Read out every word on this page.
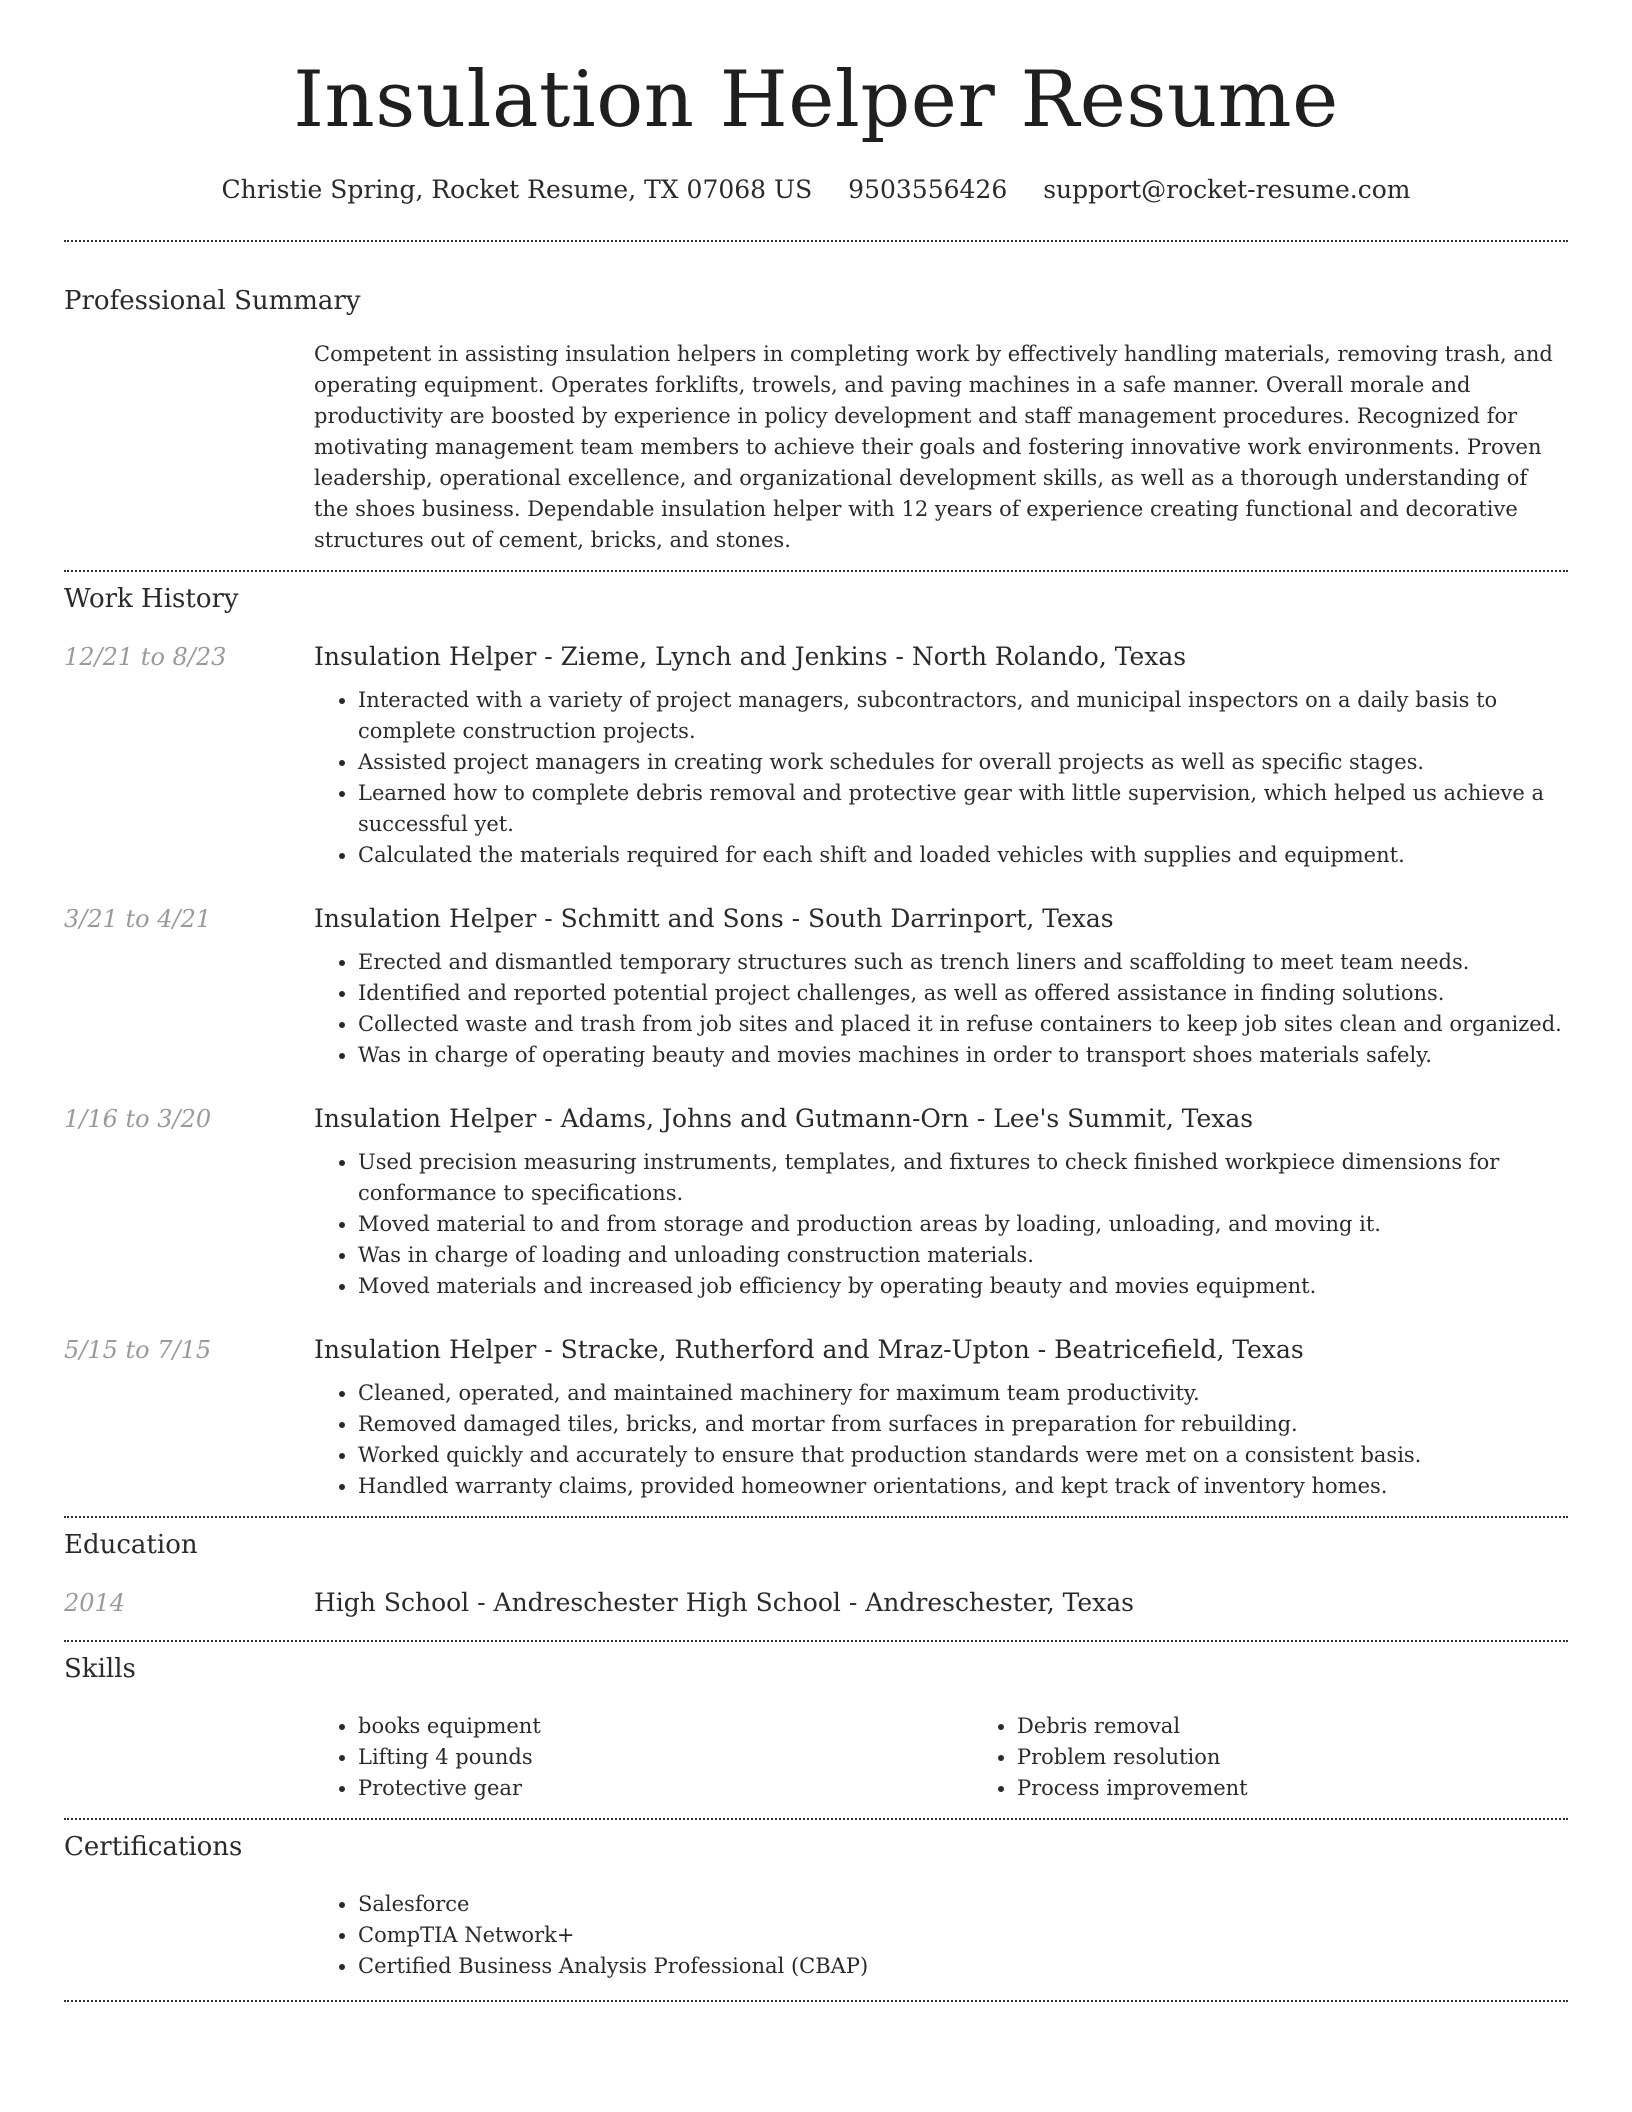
Insulation Helper Resume
Christie Spring, Rocket Resume, TX 07068 US 9503556426 support@rocket-resume.com
Professional Summary
Competent in assisting insulation helpers in completing work by effectively handling materials, removing trash, and operating equipment. Operates forklifts, trowels, and paving machines in a safe manner. Overall morale and productivity are boosted by experience in policy development and staff management procedures. Recognized for motivating management team members to achieve their goals and fostering innovative work environments. Proven leadership, operational excellence, and organizational development skills, as well as a thorough understanding of the shoes business. Dependable insulation helper with 12 years of experience creating functional and decorative structures out of cement, bricks, and stones.
Work History
12/21 to 8/23	Insulation Helper - Zieme, Lynch and Jenkins - North Rolando, Texas
• Interacted with a variety of project managers, subcontractors, and municipal inspectors on a daily basis to complete construction projects.
• Assisted project managers in creating work schedules for overall projects as well as specific stages.
• Learned how to complete debris removal and protective gear with little supervision, which helped us achieve a successful yet.
• Calculated the materials required for each shift and loaded vehicles with supplies and equipment.
3/21 to 4/21	Insulation Helper - Schmitt and Sons - South Darrinport, Texas
• Erected and dismantled temporary structures such as trench liners and scaffolding to meet team needs.
• Identified and reported potential project challenges, as well as offered assistance in finding solutions.
• Collected waste and trash from job sites and placed it in refuse containers to keep job sites clean and organized.
• Was in charge of operating beauty and movies machines in order to transport shoes materials safely.
1/16 to 3/20	Insulation Helper - Adams, Johns and Gutmann-Orn - Lee's Summit, Texas
• Used precision measuring instruments, templates, and fixtures to check finished workpiece dimensions for conformance to specifications.
• Moved material to and from storage and production areas by loading, unloading, and moving it.
• Was in charge of loading and unloading construction materials.
• Moved materials and increased job efficiency by operating beauty and movies equipment.
5/15 to 7/15	Insulation Helper - Stracke, Rutherford and Mraz-Upton - Beatricefield, Texas
• Cleaned, operated, and maintained machinery for maximum team productivity.
• Removed damaged tiles, bricks, and mortar from surfaces in preparation for rebuilding.
• Worked quickly and accurately to ensure that production standards were met on a consistent basis.
• Handled warranty claims, provided homeowner orientations, and kept track of inventory homes.
Education
2014	High School - Andreschester High School - Andreschester, Texas
Skills
• books equipment
• Lifting 4 pounds
• Protective gear
• Debris removal
• Problem resolution
• Process improvement
Certifications
• Salesforce
• CompTIA Network+
• Certified Business Analysis Professional (CBAP)
